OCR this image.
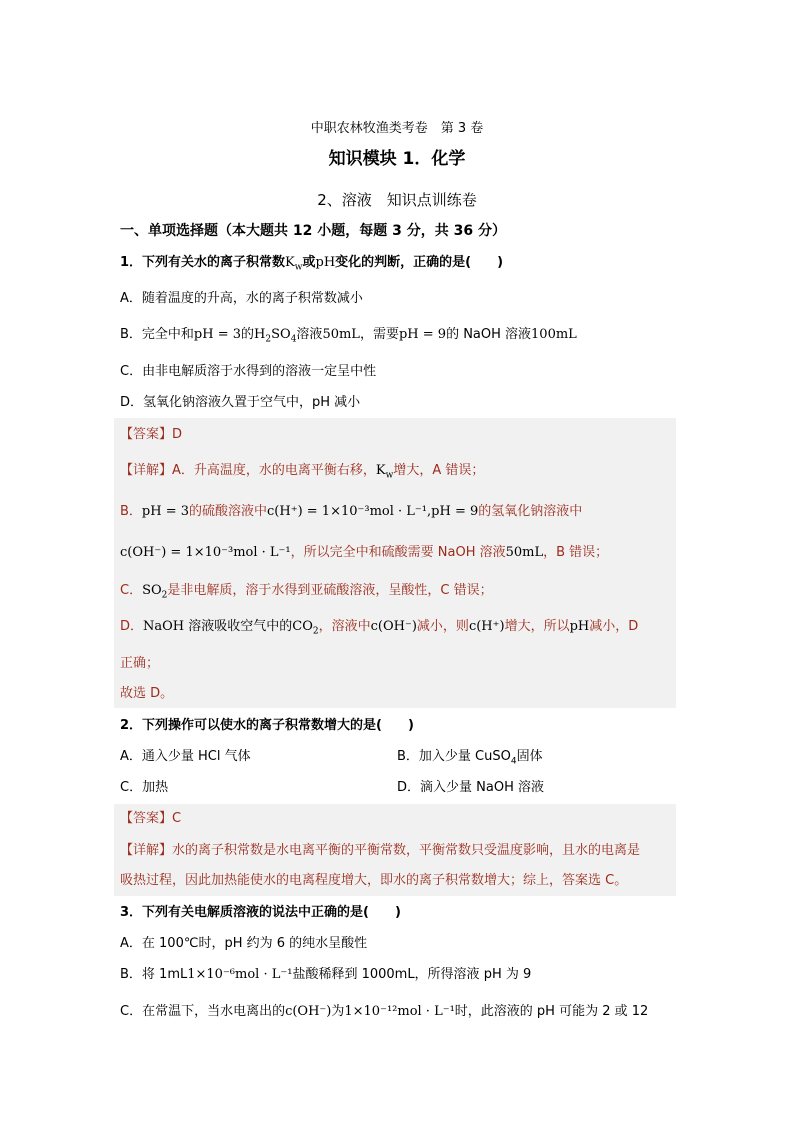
中职农林牧渔类考卷　第 3 卷
知识模块 1．化学
2、溶液　知识点训练卷
一、单项选择题（本大题共 12 小题，每题 3 分，共 36 分）
1．下列有关水的离子积常数$K_w$或pH变化的判断，正确的是(　　)
A．随着温度的升高，水的离子积常数减小
B．完全中和pH = 3的$H_2SO_4$溶液50mL，需要pH = 9的 NaOH 溶液100mL
C．由非电解质溶于水得到的溶液一定呈中性
D．氢氧化钠溶液久置于空气中，pH 减小
【答案】D
【详解】A．升高温度，水的电离平衡右移，$K_w$增大，A 错误；
B．pH = 3的硫酸溶液中c(H⁺) = 1×10⁻³mol · L⁻¹,pH = 9的氢氧化钠溶液中
c(OH⁻) = 1×10⁻³mol · L⁻¹，所以完全中和硫酸需要 NaOH 溶液50mL，B 错误；
C．$SO_2$是非电解质，溶于水得到亚硫酸溶液，呈酸性，C 错误；
D．NaOH 溶液吸收空气中的$CO_2$，溶液中c(OH⁻)减小，则c(H⁺)增大，所以pH减小，D
正确；
故选 D。
2．下列操作可以使水的离子积常数增大的是(　　)
A．通入少量 HCl 气体	B．加入少量 CuSO$_4$固体
C．加热	D．滴入少量 NaOH 溶液
【答案】C
【详解】水的离子积常数是水电离平衡的平衡常数，平衡常数只受温度影响，且水的电离是
吸热过程，因此加热能使水的电离程度增大，即水的离子积常数增大；综上，答案选 C。
3．下列有关电解质溶液的说法中正确的是(　　)
A．在 100℃时，pH 约为 6 的纯水呈酸性
B．将 1mL1×10⁻⁶mol · L⁻¹盐酸稀释到 1000mL，所得溶液 pH 为 9
C．在常温下，当水电离出的c(OH⁻)为1×10⁻¹²mol · L⁻¹时，此溶液的 pH 可能为 2 或 12
